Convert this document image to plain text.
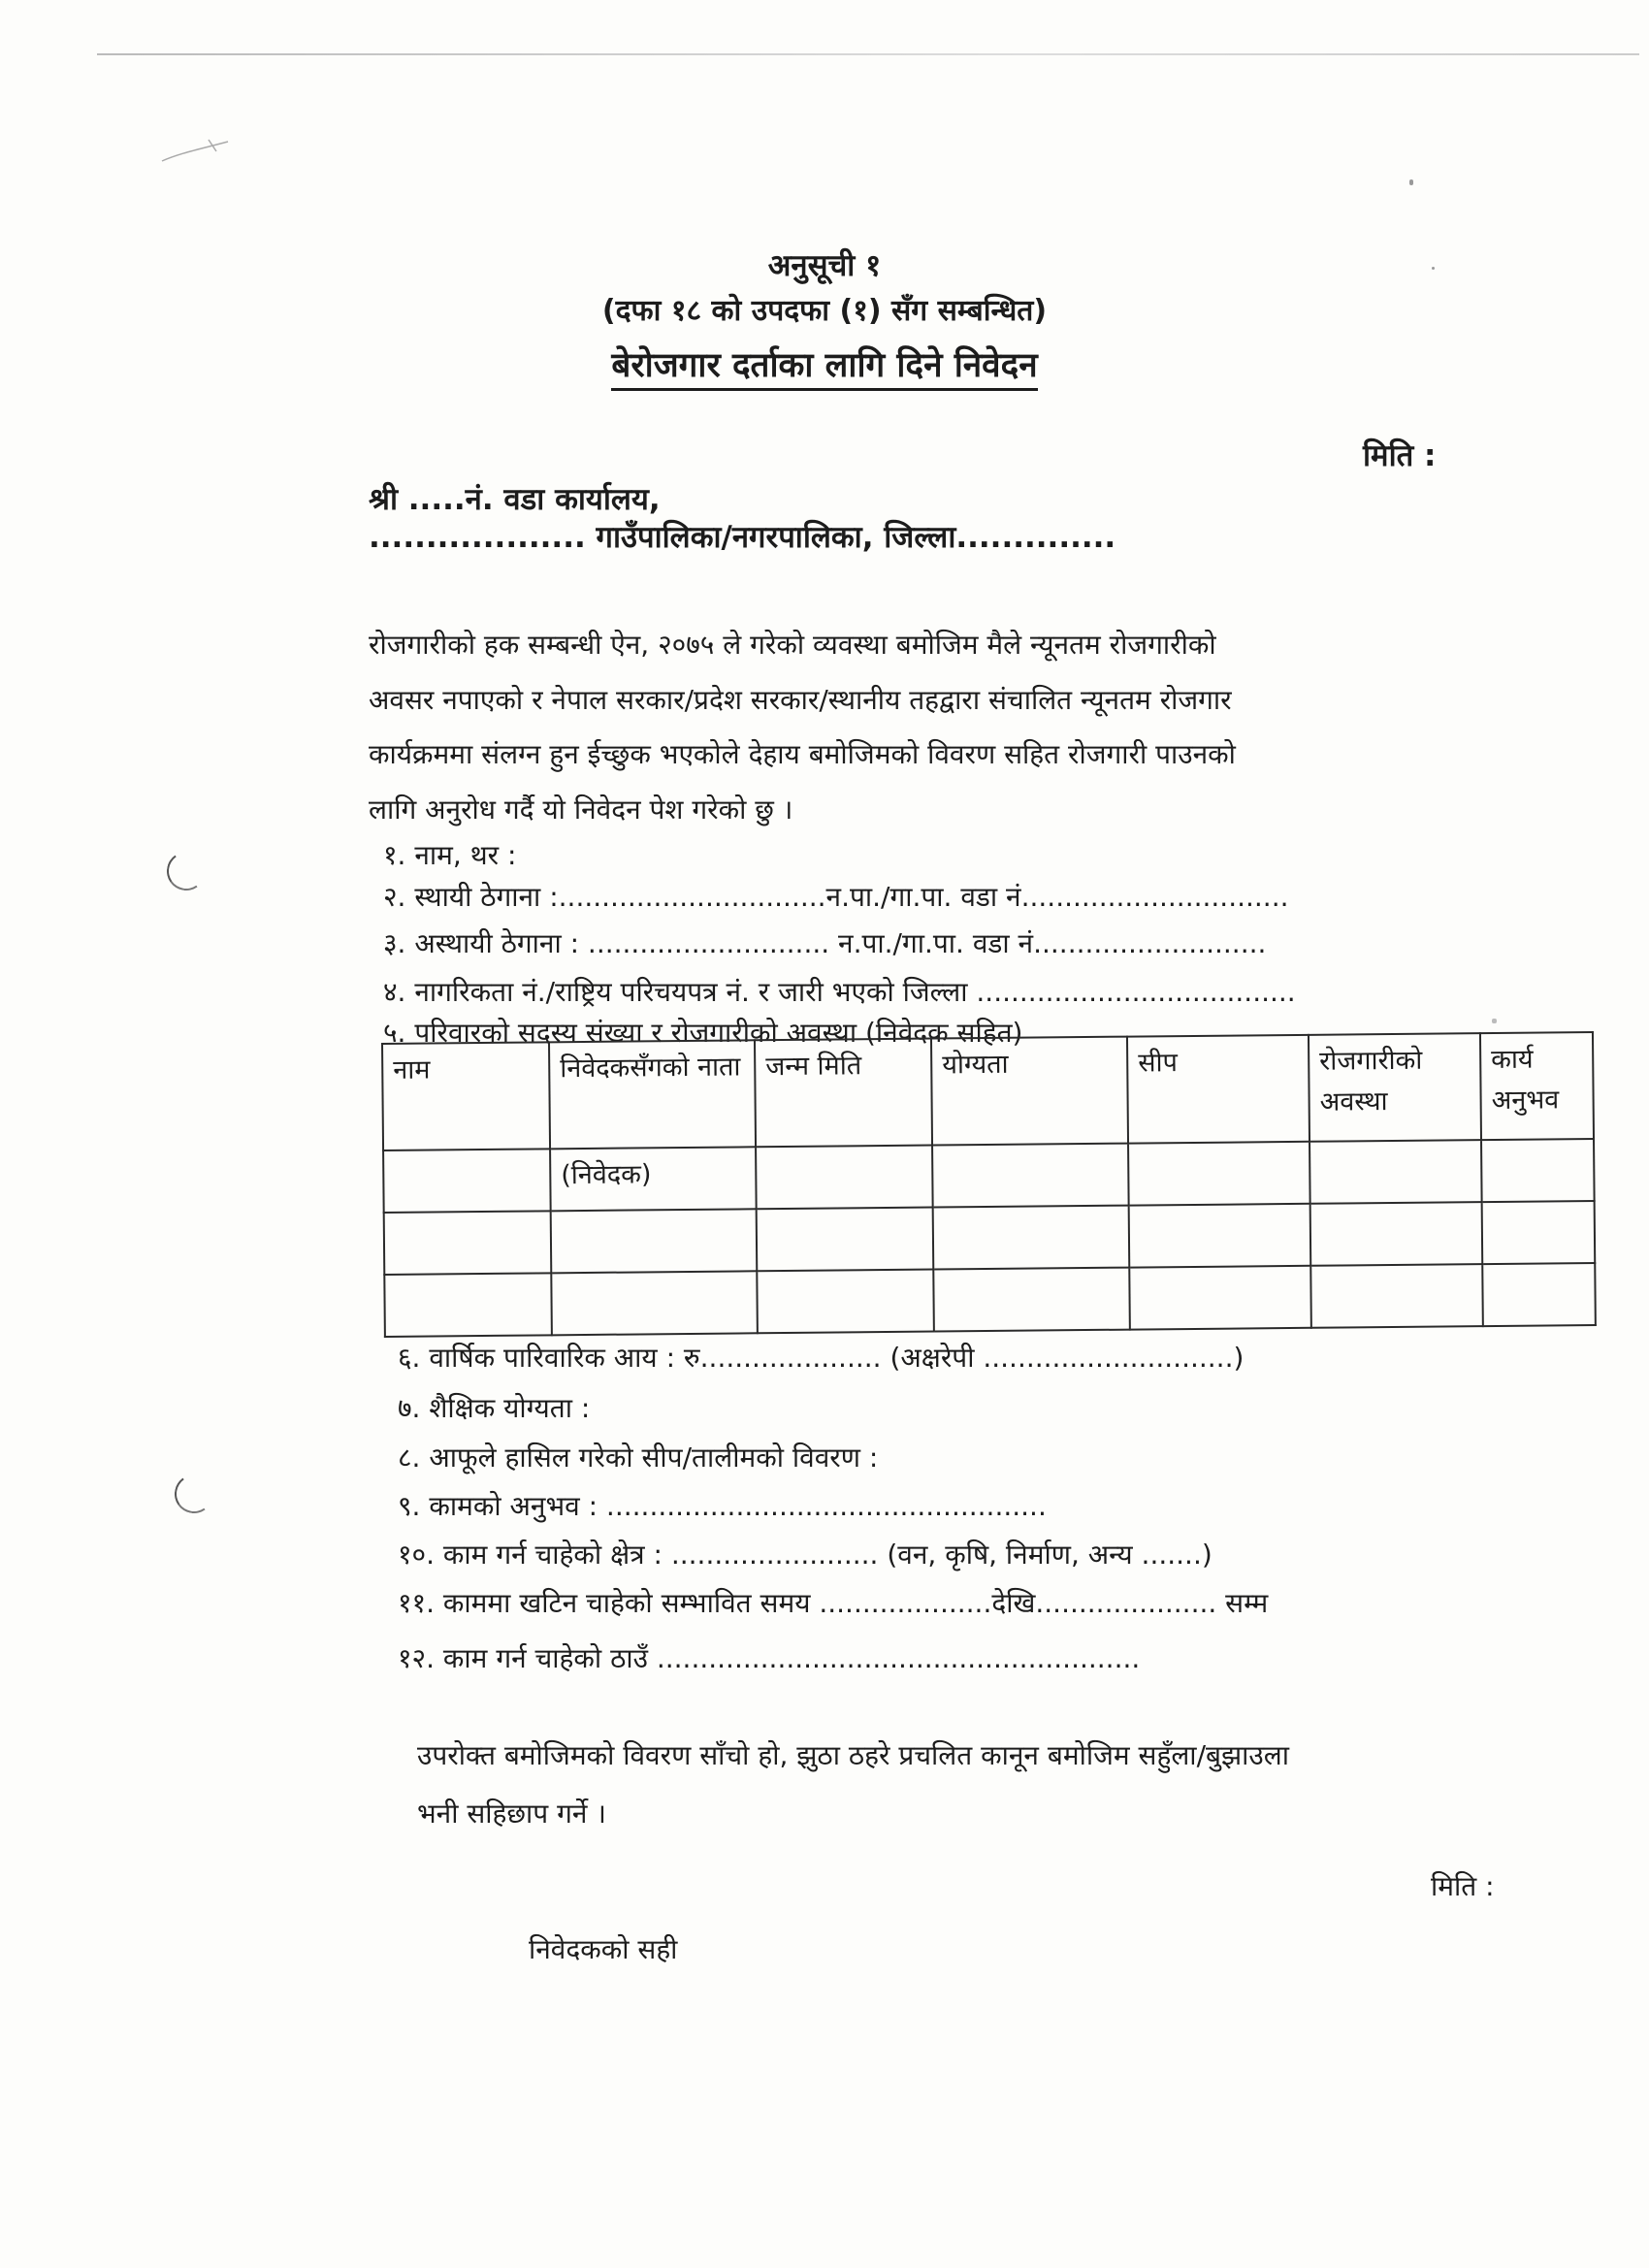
अनुसूची १
(दफा १८ को उपदफा (१) सँग सम्बन्धित)
बेरोजगार दर्ताका लागि दिने निवेदन
मिति :
श्री .....नं. वडा कार्यालय,
................... गाउँपालिका/नगरपालिका, जिल्ला..............
रोजगारीको हक सम्बन्धी ऐन, २०७५ ले गरेको व्यवस्था बमोजिम मैले न्यूनतम रोजगारीको
अवसर नपाएको र नेपाल सरकार/प्रदेश सरकार/स्थानीय तहद्वारा संचालित न्यूनतम रोजगार
कार्यक्रममा संलग्न हुन ईच्छुक भएकोले देहाय बमोजिमको विवरण सहित रोजगारी पाउनको
लागि अनुरोध गर्दै यो निवेदन पेश गरेको छु ।
१. नाम, थर :
२. स्थायी ठेगाना :...............................न.पा./गा.पा. वडा नं...............................
३. अस्थायी ठेगाना : ............................ न.पा./गा.पा. वडा नं...........................
४. नागरिकता नं./राष्ट्रिय परिचयपत्र नं. र जारी भएको जिल्ला .....................................
५. परिवारको सदस्य संख्या र रोजगारीको अवस्था (निवेदक सहित)
नाम	निवेदकसँगको नाता	जन्म मिति	योग्यता	सीप	रोजगारीको अवस्था	कार्य अनुभव
	(निवेदक)					

६. वार्षिक पारिवारिक आय : रु..................... (अक्षरेपी .............................)
७. शैक्षिक योग्यता :
८. आफूले हासिल गरेको सीप/तालीमको विवरण :
९. कामको अनुभव : ...................................................
१०. काम गर्न चाहेको क्षेत्र : ........................ (वन, कृषि, निर्माण, अन्य .......)
११. काममा खटिन चाहेको सम्भावित समय ....................देखि..................... सम्म
१२. काम गर्न चाहेको ठाउँ ........................................................
उपरोक्त बमोजिमको विवरण साँचो हो, झुठा ठहरे प्रचलित कानून बमोजिम सहुँला/बुझाउला
भनी सहिछाप गर्ने ।
मिति :
निवेदकको सही
